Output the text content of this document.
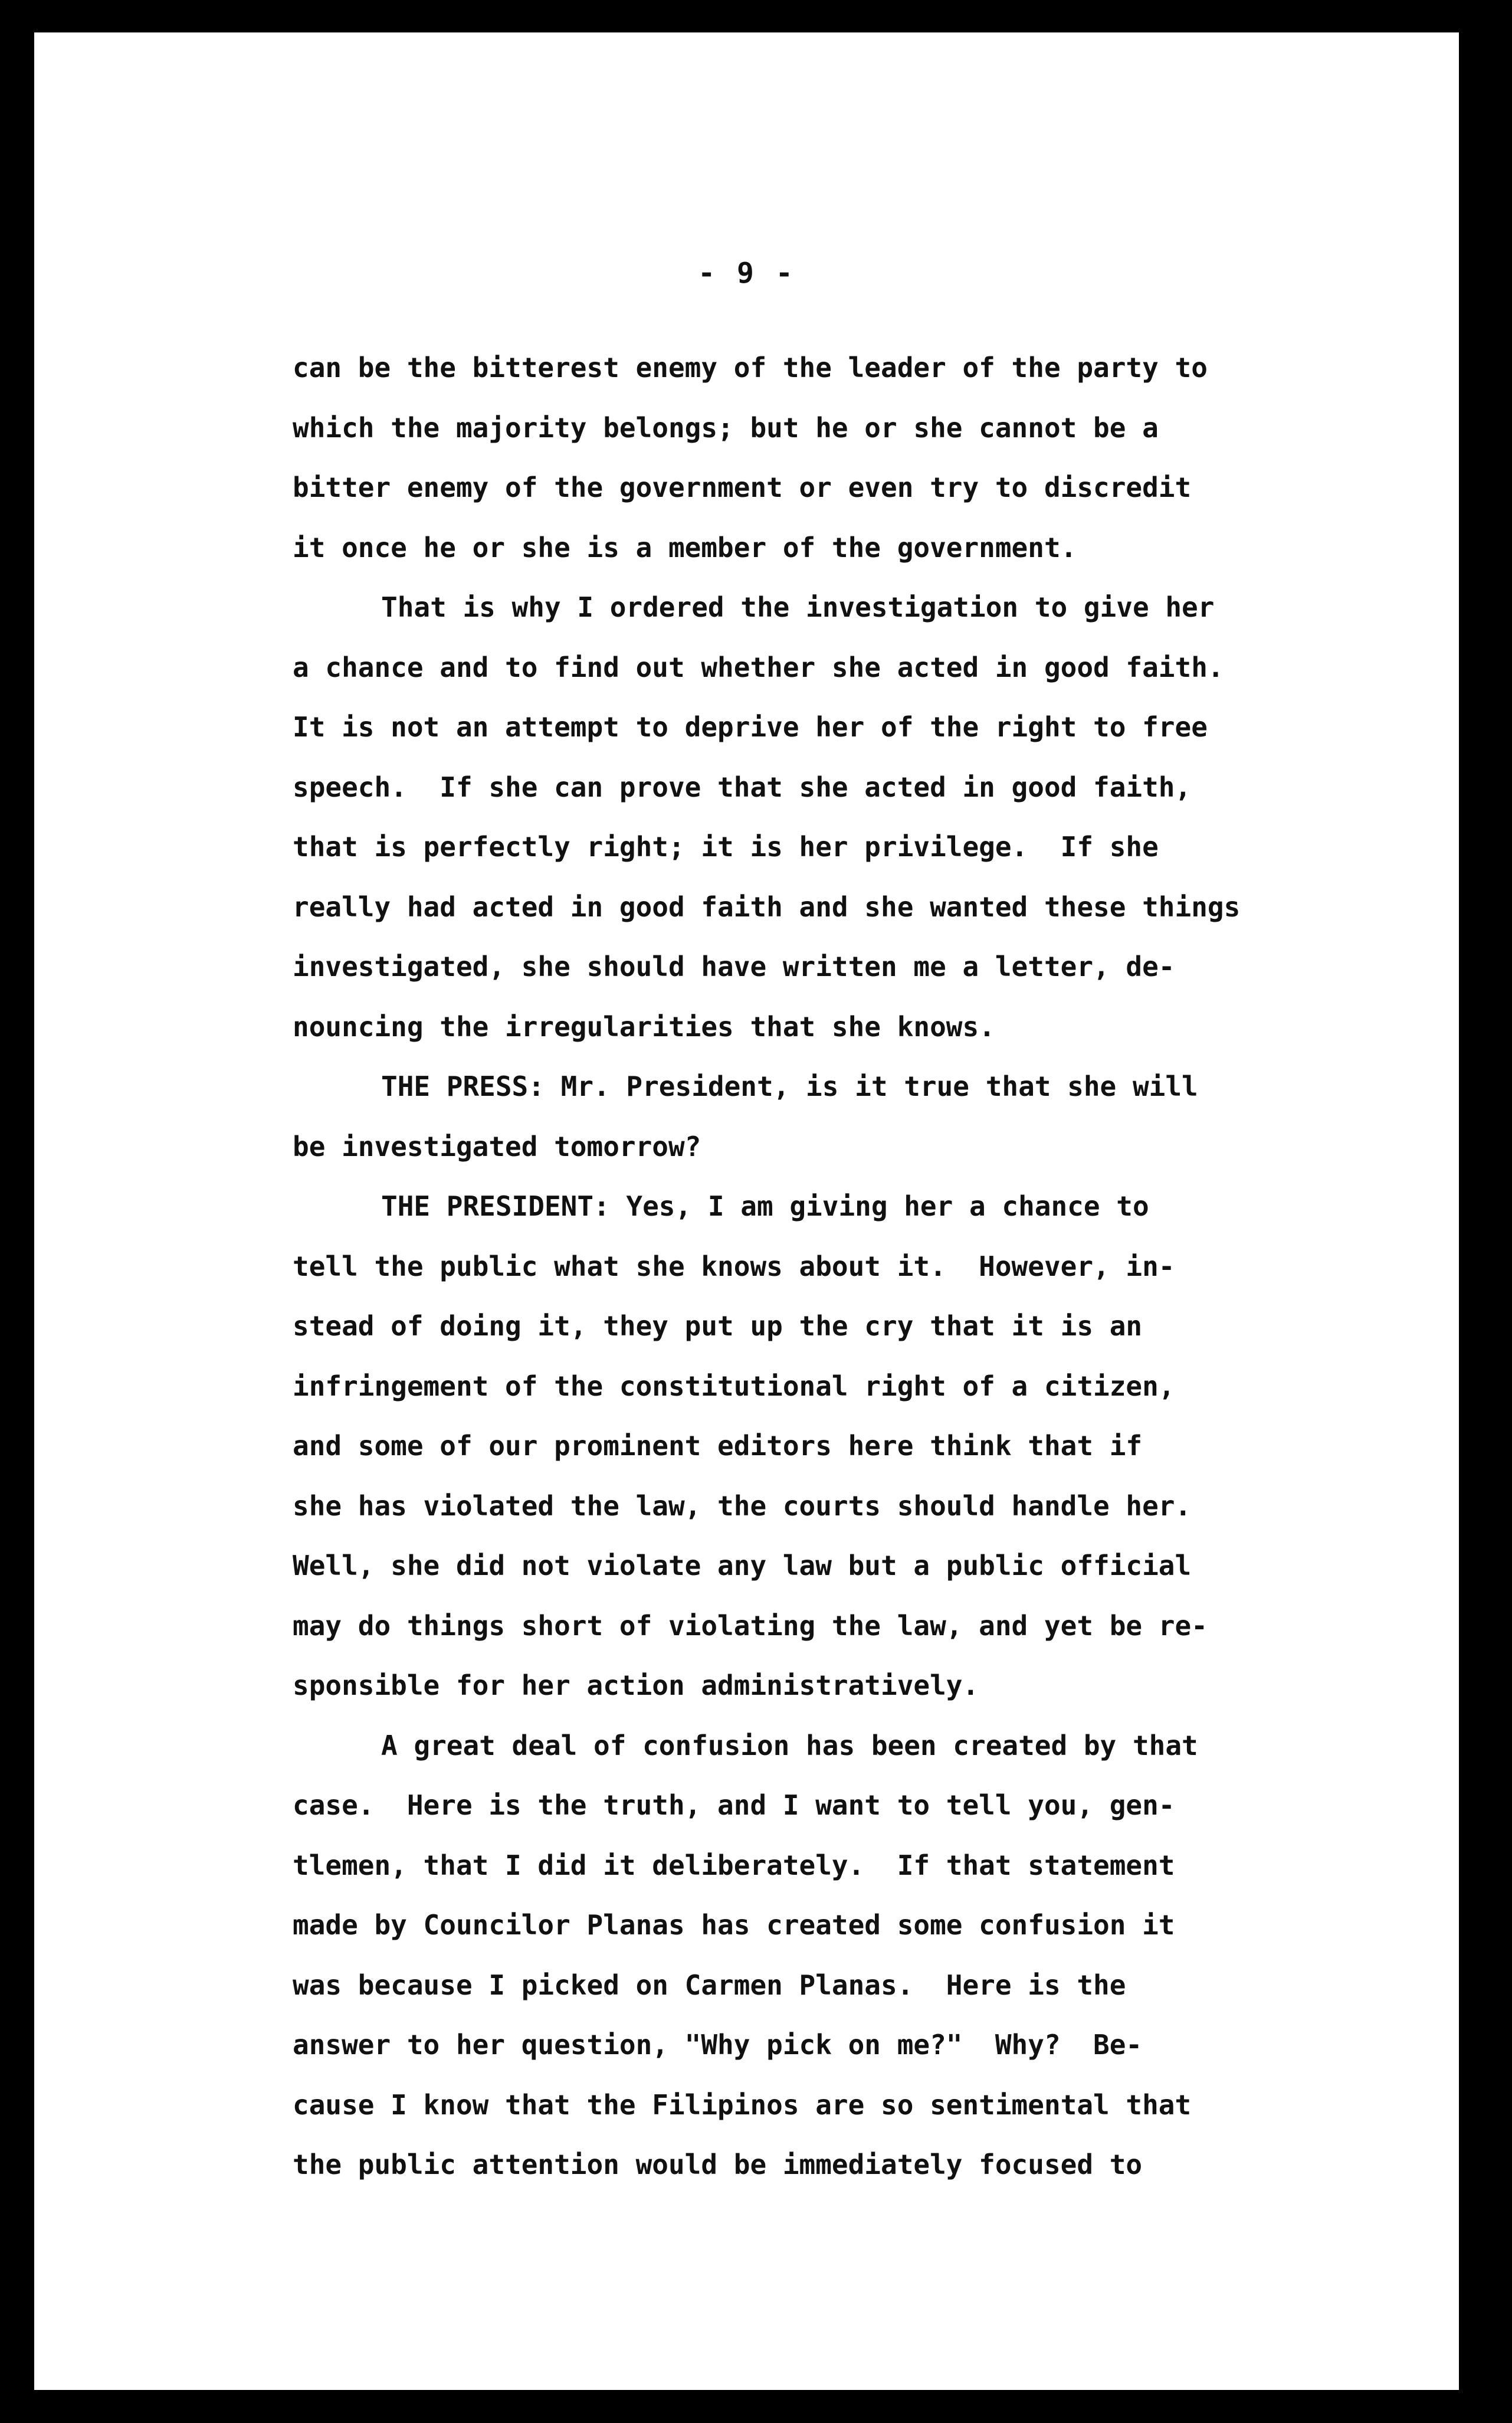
- 9 -
can be the bitterest enemy of the leader of the party to
which the majority belongs; but he or she cannot be a
bitter enemy of the government or even try to discredit
it once he or she is a member of the government.
That is why I ordered the investigation to give her
a chance and to find out whether she acted in good faith.
It is not an attempt to deprive her of the right to free
speech.  If she can prove that she acted in good faith,
that is perfectly right; it is her privilege.  If she
really had acted in good faith and she wanted these things
investigated, she should have written me a letter, de-
nouncing the irregularities that she knows.
THE PRESS: Mr. President, is it true that she will
be investigated tomorrow?
THE PRESIDENT: Yes, I am giving her a chance to
tell the public what she knows about it.  However, in-
stead of doing it, they put up the cry that it is an
infringement of the constitutional right of a citizen,
and some of our prominent editors here think that if
she has violated the law, the courts should handle her.
Well, she did not violate any law but a public official
may do things short of violating the law, and yet be re-
sponsible for her action administratively.
A great deal of confusion has been created by that
case.  Here is the truth, and I want to tell you, gen-
tlemen, that I did it deliberately.  If that statement
made by Councilor Planas has created some confusion it
was because I picked on Carmen Planas.  Here is the
answer to her question, "Why pick on me?"  Why?  Be-
cause I know that the Filipinos are so sentimental that
the public attention would be immediately focused to
